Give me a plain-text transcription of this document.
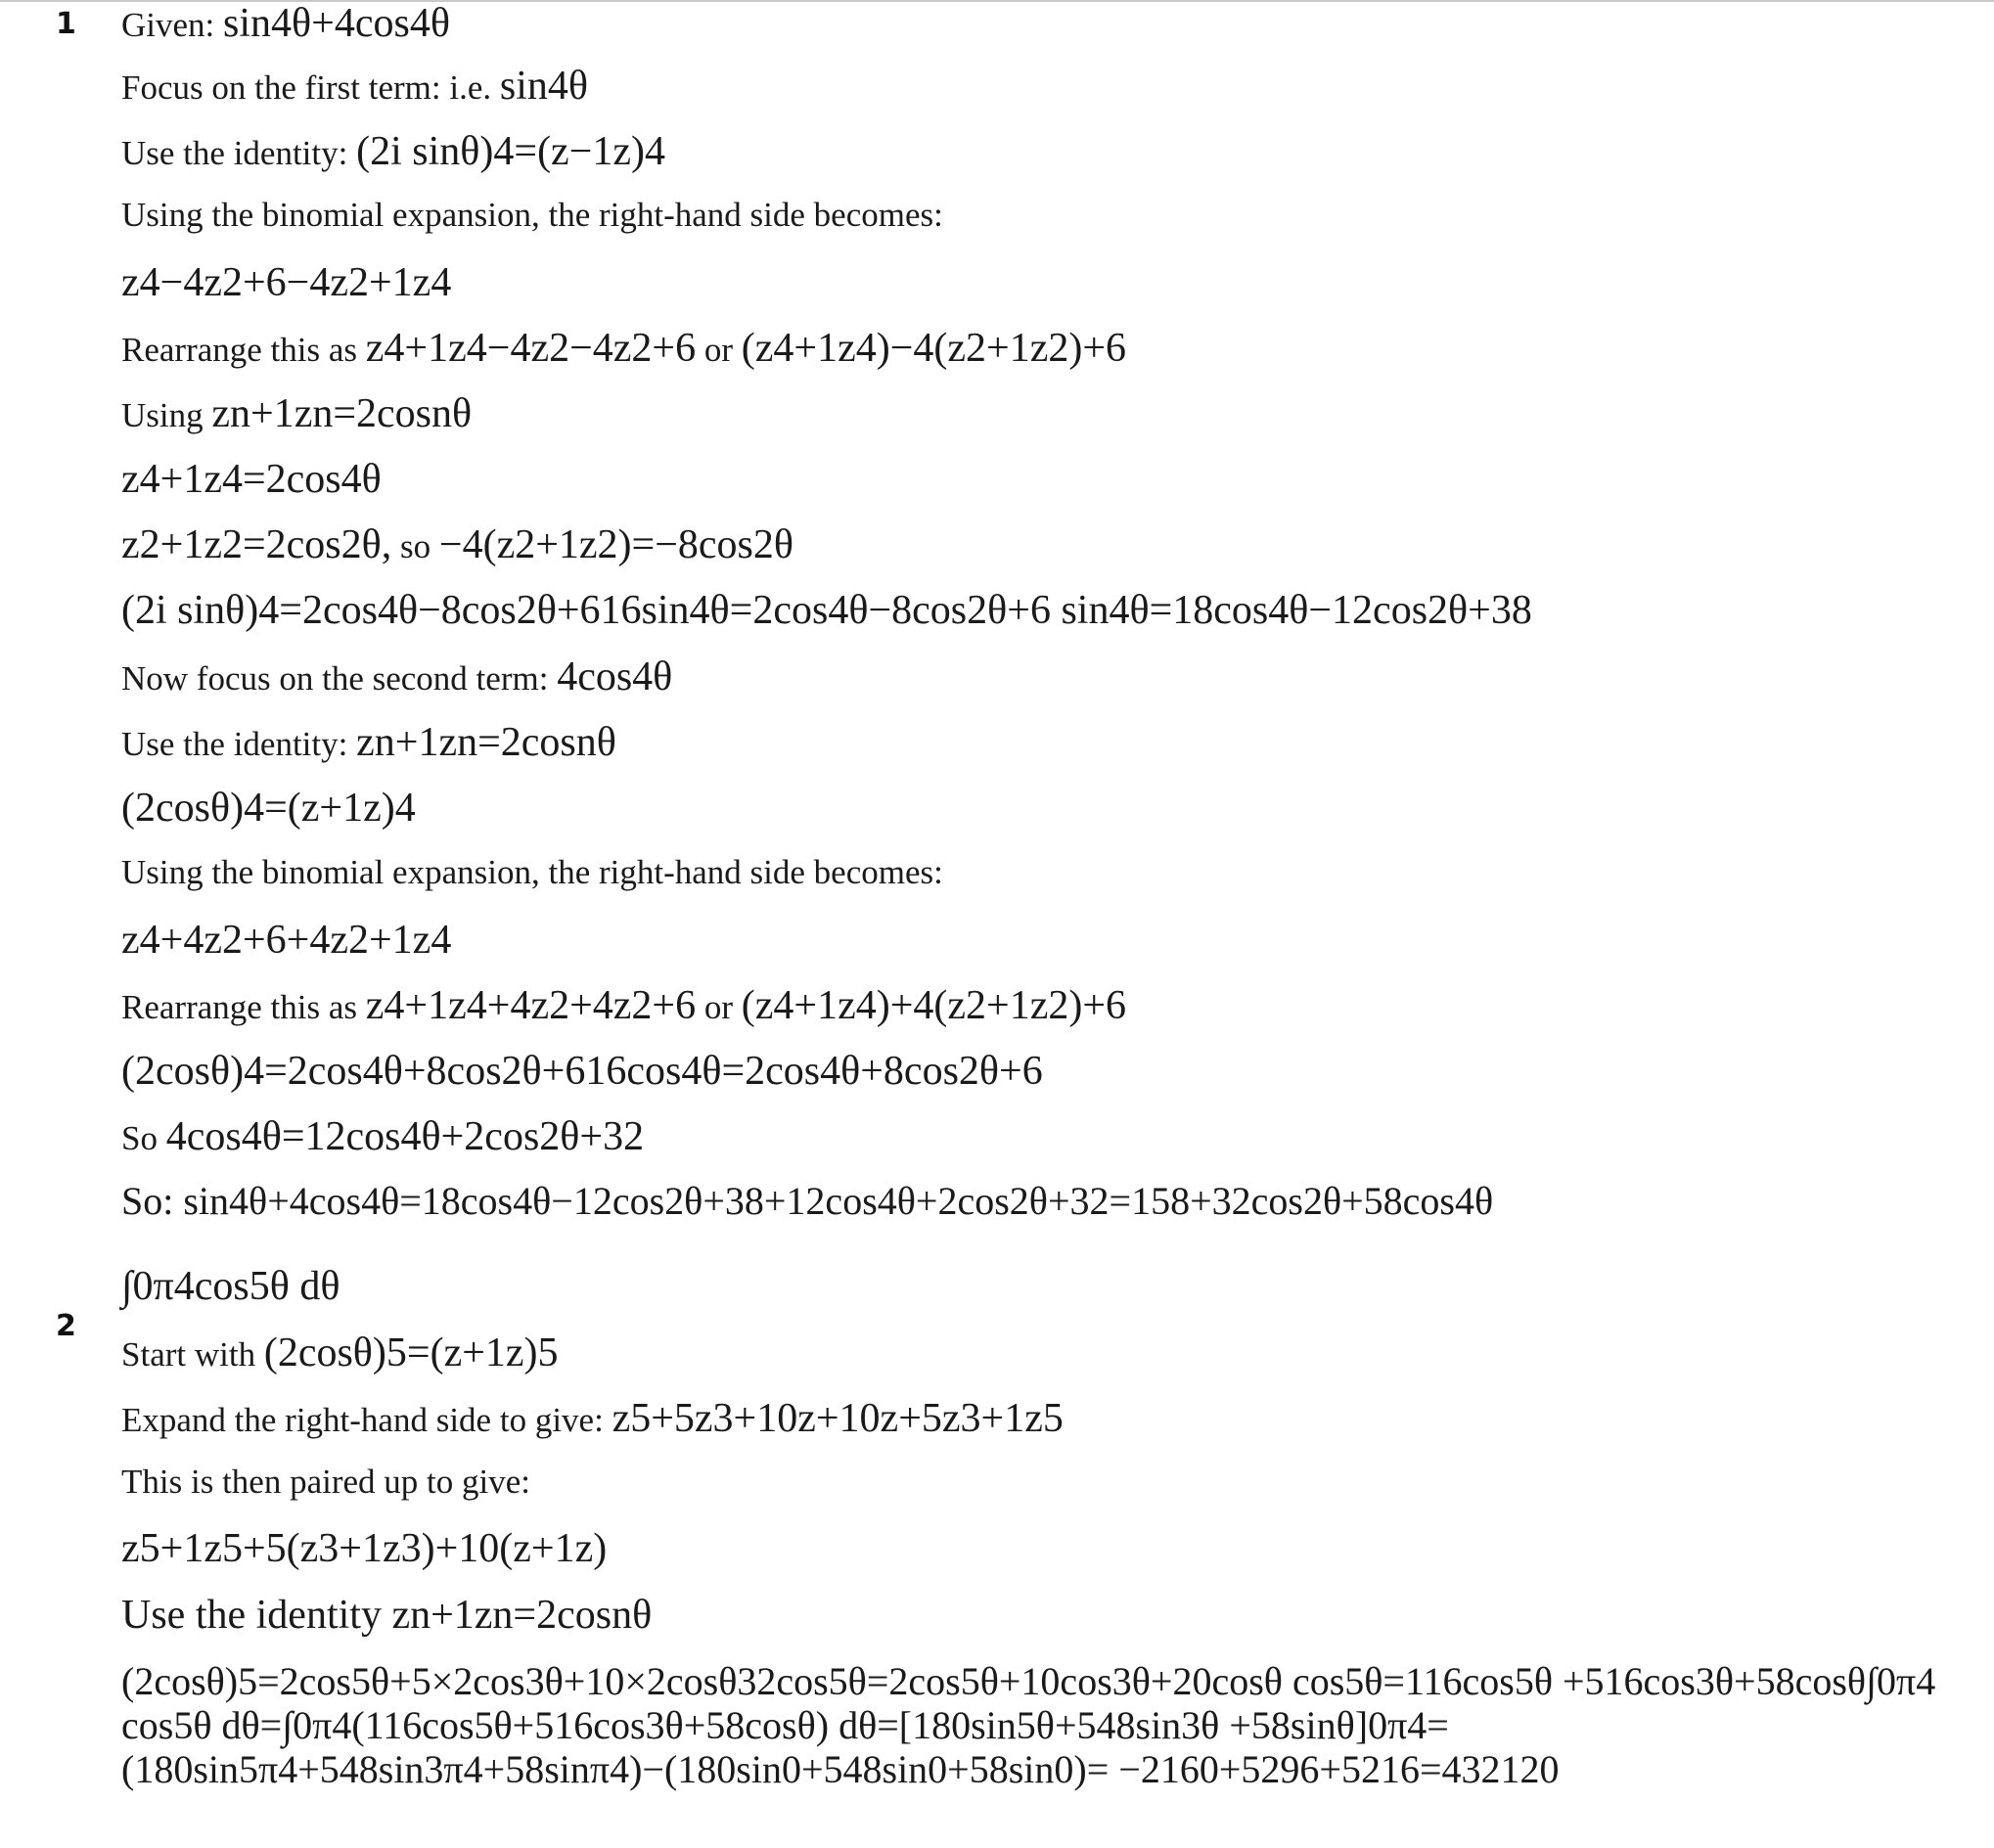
1
2
Given: sin4θ+4cos4θ
Focus on the first term: i.e. sin4θ
Use the identity: (2i sinθ)4=(z−1z)4
Using the binomial expansion, the right-hand side becomes:
z4−4z2+6−4z2+1z4
Rearrange this as z4+1z4−4z2−4z2+6 or (z4+1z4)−4(z2+1z2)+6
Using zn+1zn=2cosnθ
z4+1z4=2cos4θ
z2+1z2=2cos2θ, so −4(z2+1z2)=−8cos2θ
(2i sinθ)4=2cos4θ−8cos2θ+616sin4θ=2cos4θ−8cos2θ+6 sin4θ=18cos4θ−12cos2θ+38
Now focus on the second term: 4cos4θ
Use the identity: zn+1zn=2cosnθ
(2cosθ)4=(z+1z)4
Using the binomial expansion, the right-hand side becomes:
z4+4z2+6+4z2+1z4
Rearrange this as z4+1z4+4z2+4z2+6 or (z4+1z4)+4(z2+1z2)+6
(2cosθ)4=2cos4θ+8cos2θ+616cos4θ=2cos4θ+8cos2θ+6
So 4cos4θ=12cos4θ+2cos2θ+32
So: sin4θ+4cos4θ=18cos4θ−12cos2θ+38+12cos4θ+2cos2θ+32=158+32cos2θ+58cos4θ
∫0π4cos5θ dθ
Start with (2cosθ)5=(z+1z)5
Expand the right-hand side to give: z5+5z3+10z+10z+5z3+1z5
This is then paired up to give:
z5+1z5+5(z3+1z3)+10(z+1z)
Use the identity zn+1zn=2cosnθ
(2cosθ)5=2cos5θ+5×2cos3θ+10×2cosθ32cos5θ=2cos5θ+10cos3θ+20cosθ cos5θ=116cos5θ +516cos3θ+58cosθ∫0π4 cos5θ dθ=∫0π4(116cos5θ+516cos3θ+58cosθ) dθ=[180sin5θ+548sin3θ +58sinθ]0π4=(180sin5π4+548sin3π4+58sinπ4)−(180sin0+548sin0+58sin0)= −2160+5296+5216=432120
